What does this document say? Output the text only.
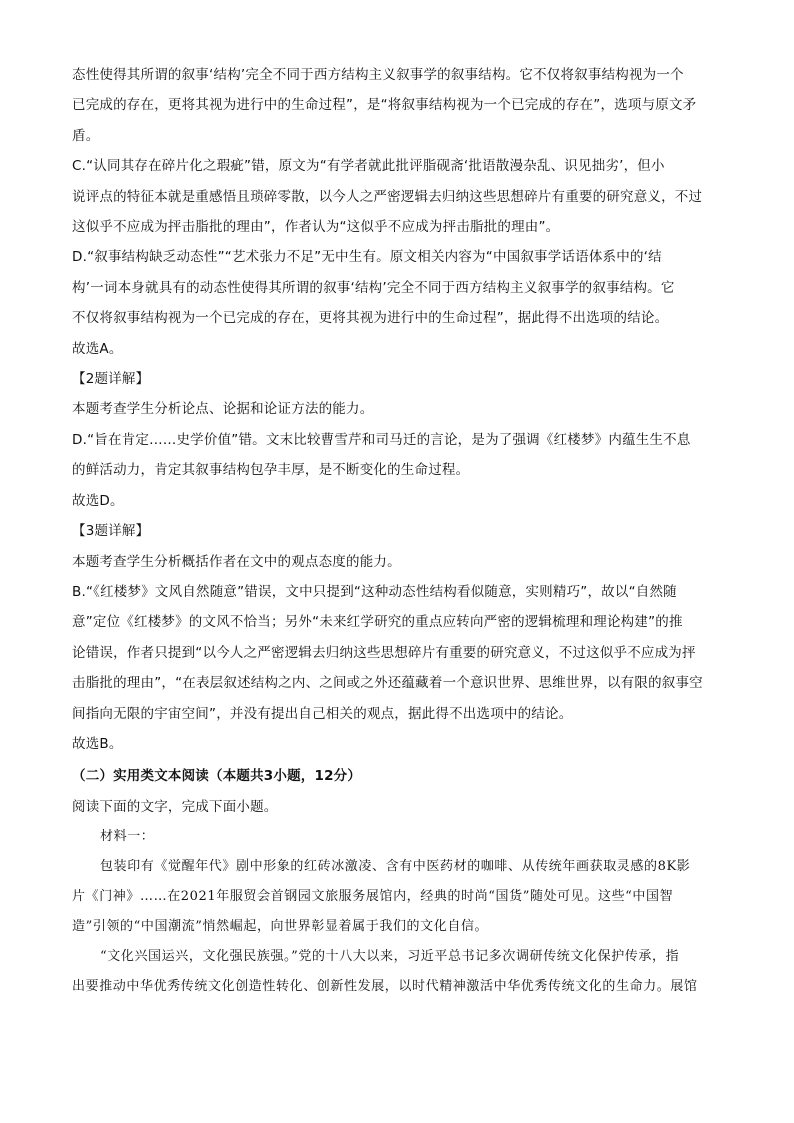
态性使得其所谓的叙事‘结构’完全不同于西方结构主义叙事学的叙事结构。它不仅将叙事结构视为一个

已完成的存在，更将其视为进行中的生命过程”，是“将叙事结构视为一个已完成的存在”，选项与原文矛

盾。

C.“认同其存在碎片化之瑕疵”错，原文为“有学者就此批评脂砚斋‘批语散漫杂乱、识见拙劣’，但小

说评点的特征本就是重感悟且琐碎零散，以今人之严密逻辑去归纳这些思想碎片有重要的研究意义，不过

这似乎不应成为抨击脂批的理由”，作者认为“这似乎不应成为抨击脂批的理由”。

D.“叙事结构缺乏动态性”“艺术张力不足”无中生有。原文相关内容为“中国叙事学话语体系中的‘结

构’一词本身就具有的动态性使得其所谓的叙事‘结构’完全不同于西方结构主义叙事学的叙事结构。它

不仅将叙事结构视为一个已完成的存在，更将其视为进行中的生命过程”，据此得不出选项的结论。

故选A。

【2题详解】

本题考查学生分析论点、论据和论证方法的能力。

D.“旨在肯定……史学价值”错。文末比较曹雪芹和司马迁的言论，是为了强调《红楼梦》内蕴生生不息

的鲜活动力，肯定其叙事结构包孕丰厚，是不断变化的生命过程。

故选D。

【3题详解】

本题考查学生分析概括作者在文中的观点态度的能力。

B.“《红楼梦》文风自然随意”错误，文中只提到“这种动态性结构看似随意，实则精巧”，故以“自然随

意”定位《红楼梦》的文风不恰当；另外“未来红学研究的重点应转向严密的逻辑梳理和理论构建”的推

论错误，作者只提到“以今人之严密逻辑去归纳这些思想碎片有重要的研究意义，不过这似乎不应成为抨

击脂批的理由”，“在表层叙述结构之内、之间或之外还蕴藏着一个意识世界、思维世界，以有限的叙事空

间指向无限的宇宙空间”，并没有提出自己相关的观点，据此得不出选项中的结论。

故选B。

（二）实用类文本阅读（本题共3小题，12分）

阅读下面的文字，完成下面小题。

材料一：

包装印有《觉醒年代》剧中形象的红砖冰激凌、含有中医药材的咖啡、从传统年画获取灵感的8K影

片《门神》……在2021年服贸会首钢园文旅服务展馆内，经典的时尚“国货”随处可见。这些“中国智

造”引领的“中国潮流”悄然崛起，向世界彰显着属于我们的文化自信。

“文化兴国运兴，文化强民族强。”党的十八大以来，习近平总书记多次调研传统文化保护传承，指

出要推动中华优秀传统文化创造性转化、创新性发展，以时代精神激活中华优秀传统文化的生命力。展馆
